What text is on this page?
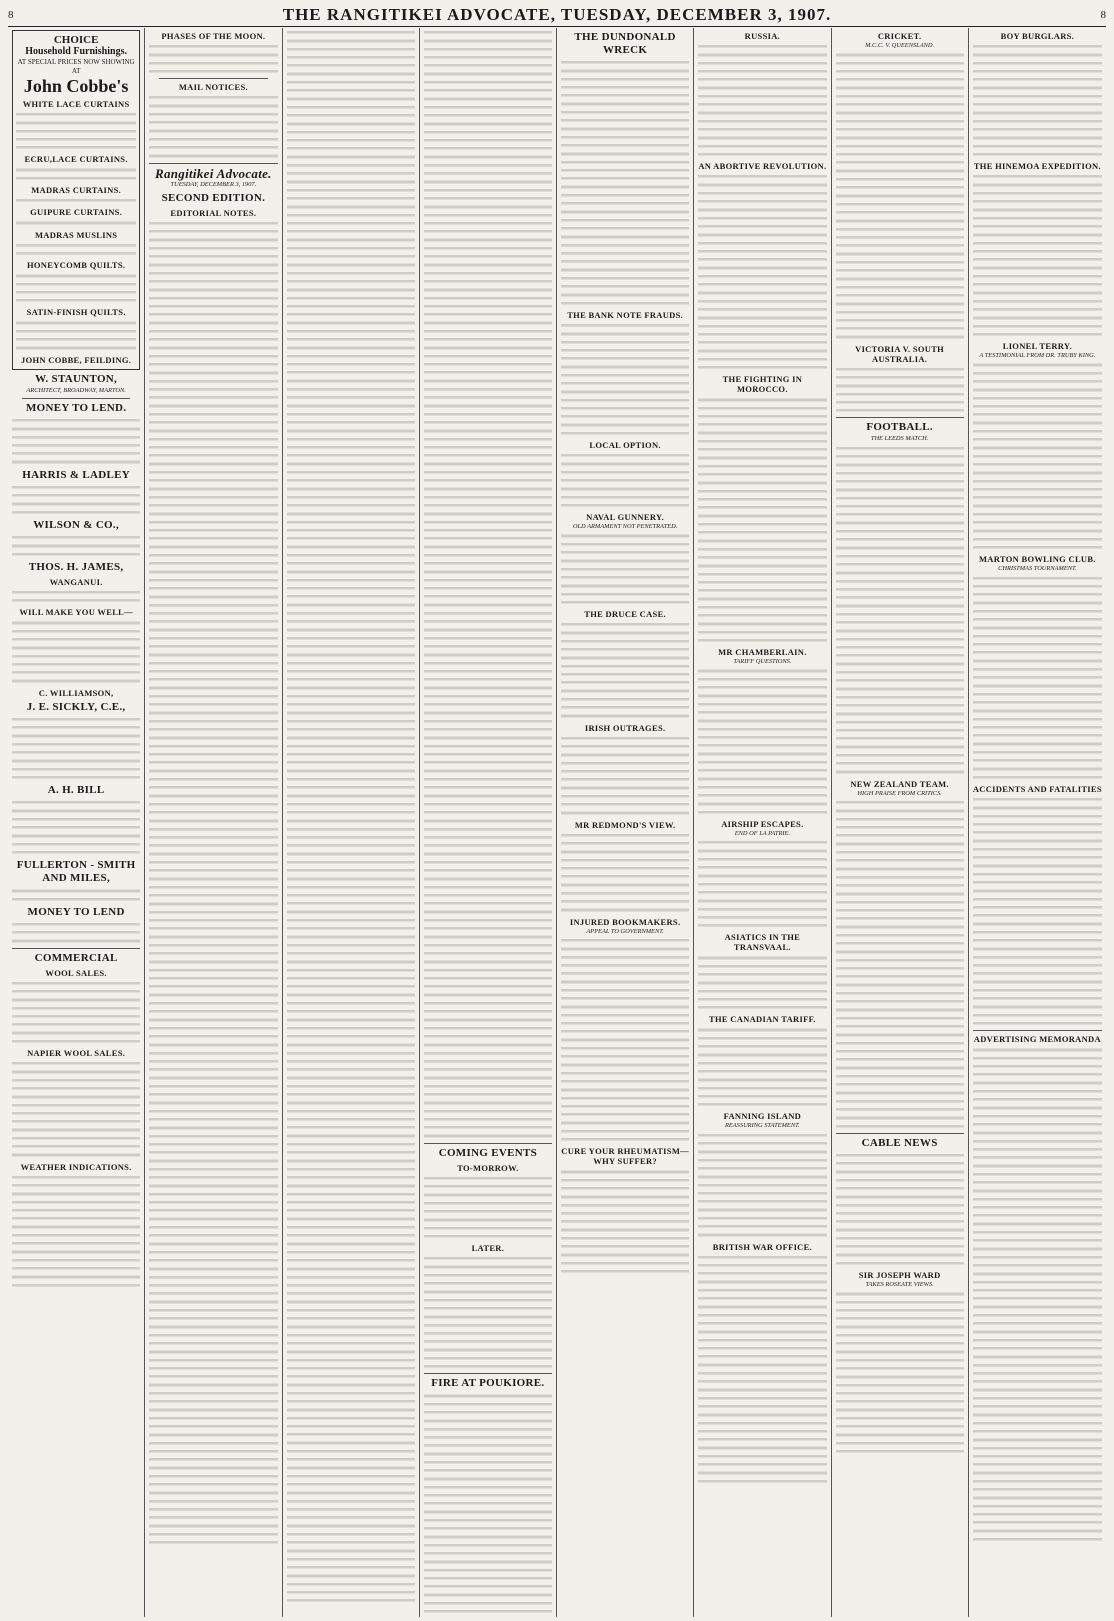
8	THE RANGITIKEI ADVOCATE, TUESDAY, DECEMBER 3, 1907.	8
CHOICE
Household Furnishings.
AT SPECIAL PRICES NOW SHOWING AT
John Cobbe's
WHITE LACE CURTAINS
ECRU,LACE CURTAINS.
MADRAS CURTAINS.
GUIPURE CURTAINS.
MADRAS MUSLINS
HONEYCOMB QUILTS.
SATIN-FINISH QUILTS.
JOHN COBBE, FEILDING.
W. STAUNTON,
ARCHITECT, BROADWAY, MARTON.
MONEY TO LEND.
HARRIS & LADLEY
WILSON & CO.,
THOS. H. JAMES,
WANGANUI.
WILL MAKE YOU WELL—
C. WILLIAMSON,
J. E. SICKLY, C.E.,
A. H. BILL
FULLERTON - SMITH AND MILES,
MONEY TO LEND
COMMERCIAL
WOOL SALES.
NAPIER WOOL SALES.
WEATHER INDICATIONS.
PHASES OF THE MOON.
MAIL NOTICES.
Rangitikei Advocate.
TUESDAY, DECEMBER 3, 1907.
SECOND EDITION.
EDITORIAL NOTES.
COMING EVENTS
TO-MORROW.
LATER.
FIRE AT POUKIORE.
THE DUNDONALD WRECK
THE BANK NOTE FRAUDS.
LOCAL OPTION.
NAVAL GUNNERY.
OLD ARMAMENT NOT PENETRATED.
THE DRUCE CASE.
IRISH OUTRAGES.
MR REDMOND'S VIEW.
INJURED BOOKMAKERS.
APPEAL TO GOVERNMENT.
CURE YOUR RHEUMATISM—WHY SUFFER?
RUSSIA.
AN ABORTIVE REVOLUTION.
THE FIGHTING IN MOROCCO.
MR CHAMBERLAIN.
TARIFF QUESTIONS.
AIRSHIP ESCAPES.
END OF LA PATRIE.
ASIATICS IN THE TRANSVAAL.
THE CANADIAN TARIFF.
FANNING ISLAND
REASSURING STATEMENT.
BRITISH WAR OFFICE.
CRICKET.
M.C.C. V. QUEENSLAND.
VICTORIA V. SOUTH AUSTRALIA.
FOOTBALL.
THE LEEDS MATCH.
NEW ZEALAND TEAM.
HIGH PRAISE FROM CRITICS.
CABLE NEWS
SIR JOSEPH WARD
TAKES ROSEATE VIEWS.
BOY BURGLARS.
THE HINEMOA EXPEDITION.
LIONEL TERRY.
A TESTIMONIAL FROM DR. TRUBY KING.
MARTON BOWLING CLUB.
CHRISTMAS TOURNAMENT.
ACCIDENTS AND FATALITIES
ADVERTISING MEMORANDA
